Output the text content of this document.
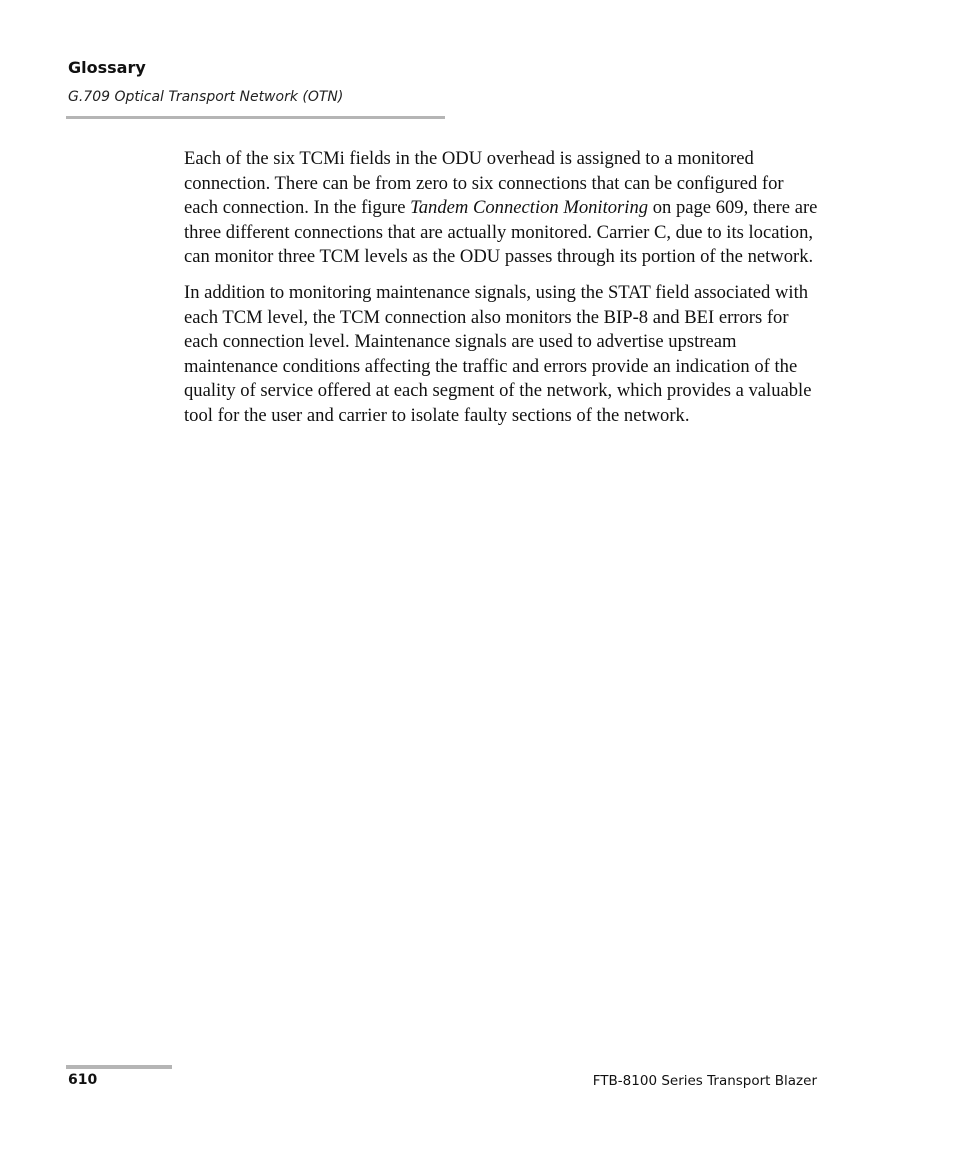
Glossary
G.709 Optical Transport Network (OTN)

Each of the six TCMi fields in the ODU overhead is assigned to a monitored connection. There can be from zero to six connections that can be configured for each connection. In the figure Tandem Connection Monitoring on page 609, there are three different connections that are actually monitored. Carrier C, due to its location, can monitor three TCM levels as the ODU passes through its portion of the network.

In addition to monitoring maintenance signals, using the STAT field associated with each TCM level, the TCM connection also monitors the BIP-8 and BEI errors for each connection level. Maintenance signals are used to advertise upstream maintenance conditions affecting the traffic and errors provide an indication of the quality of service offered at each segment of the network, which provides a valuable tool for the user and carrier to isolate faulty sections of the network.

610	FTB-8100 Series Transport Blazer
